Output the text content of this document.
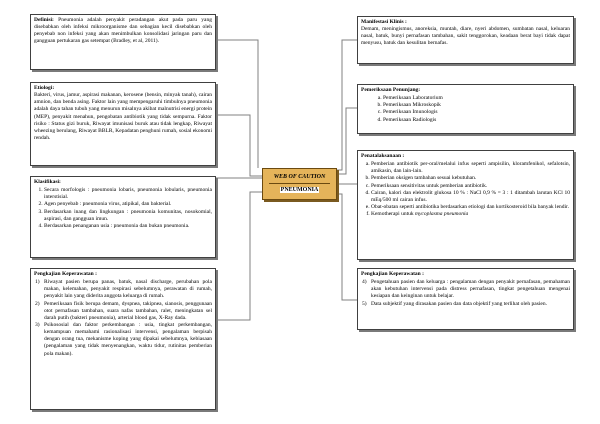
Definisi: Pneumonia adalah penyakit peradangan akut pada paru yang disebabkan oleh infeksi mikroorganisme dan sebagian kecil disebabkan oleh penyebab non infeksi yang akan menimbulkan konsolidasi jaringan paru dan gangguan pertukaran gas setempat (Bradley, et al, 2011).

Etiologi:

Bakteri, virus, jamur, aspirasi makanan, kerosene (bensin, minyak tanah), cairan amnion, dan benda asing. Faktor lain yang mempengaruhi timbulnya pneumonia adalah daya tahan tubuh yang menurun misalnya akibat malnutrisi energi protein (MEP), penyakit menahun, pengobatan antibiotik yang tidak sempurna. Faktor risiko : Status gizi buruk, Riwayat imunisasi buruk atau tidak lengkap, Riwayat wheezing berulang, Riwayat BBLR, Kepadatan penghuni rumah, sosial ekonomi rendah.

Klasifikasi:

1. Secara morfologis : pneumonia lobaris, pneumonia lobularis, pneumonia interstisial.
2. Agen penyebab : pneumonia virus, atipikal, dan bakterial.
3. Berdasarkan inang dan lingkungan : pneumonia komunitas, nosokomial, aspirasi, dan gangguan imun.
4. Berdasarkan penanganan usia : pneumonia dan bukan pneumonia.

Pengkajian Keperawatan :

1) Riwayat pasien berupa panas, batuk, nasal discharge, perubahan pola makan, kelemahan, penyakit respirasi sebelumnya, perawatan di rumah, penyakit lain yang diderita anggota keluarga di rumah.
2) Pemeriksaan fisik berupa demam, dyspnea, takipnea, sianosis, penggunaan otot pernafasan tambahan, suara nafas tambahan, ralet, meningkatan sel darah putih (bakteri pneumonia), arterial blood gas, X-Ray dada.
3) Psikososial dan faktor perkembangan : usia, tingkat perkembangan, kemampuan memahami rasionalisasi intervensi, pengalaman berpisah dengan orang tua, mekanisme koping yang dipakai sebelumnya, kebiasaan (pengalaman yang tidak menyenangkan, waktu tidur, rutinitas pemberian pola makan).
WEB OF CAUTION
PNEUMONIA

Manifestasi Klinis :

Demam, meningismus, anoreksia, muntah, diare, nyeri abdomen, sumbatan nasal, keluaran nasal, batuk, bunyi pernafasan tambahan, sakit tenggorokan, keadaan berat bayi tidak dapat menyusu, batuk dan kesulitan bernafas.

Pemeriksaan Penunjang:

a. Pemeriksaan Laboratorium
b. Pemeriksaan Mikroskopik
c. Pemeriksaan Imunologis
d. Pemeriksaan Radiologis

Penatalaksanaan :

a. Pemberian antibiotik per-oral/melalui infus seperti ampisilin, kloramfenikol, sefalotsin, amikasin, dan lain-lain.
b. Pemberian oksigen tambahan sesuai kebutuhan.
c. Pemeriksaan sensitivitas untuk pemberian antibiotik.
d. Cairan, kalori dan elektrolit glukosa 10 % : NaCl 0,9 % = 3 : 1 ditambah larutan KCl 10 mEq/500 ml cairan infus.
e. Obat-obatan seperti antibiotika berdasarkan etiologi dan kortikosteroid bila banyak lendir.
f. Kemotherapi untuk mycoplasma pneumonia

Pengkajian Keperawatan :

4) Pengetahuan pasien dan keluarga : pengalaman dengan penyakit pernafasan, pemahaman akan kebutuhan intervensi pada distress pernafasan, tingkat pengetahuan mengenai kesiapan dan keinginan untuk belajar.
5) Data subjektif yang dirasakan pasien dan data objektif yang terlihat oleh pasien.
